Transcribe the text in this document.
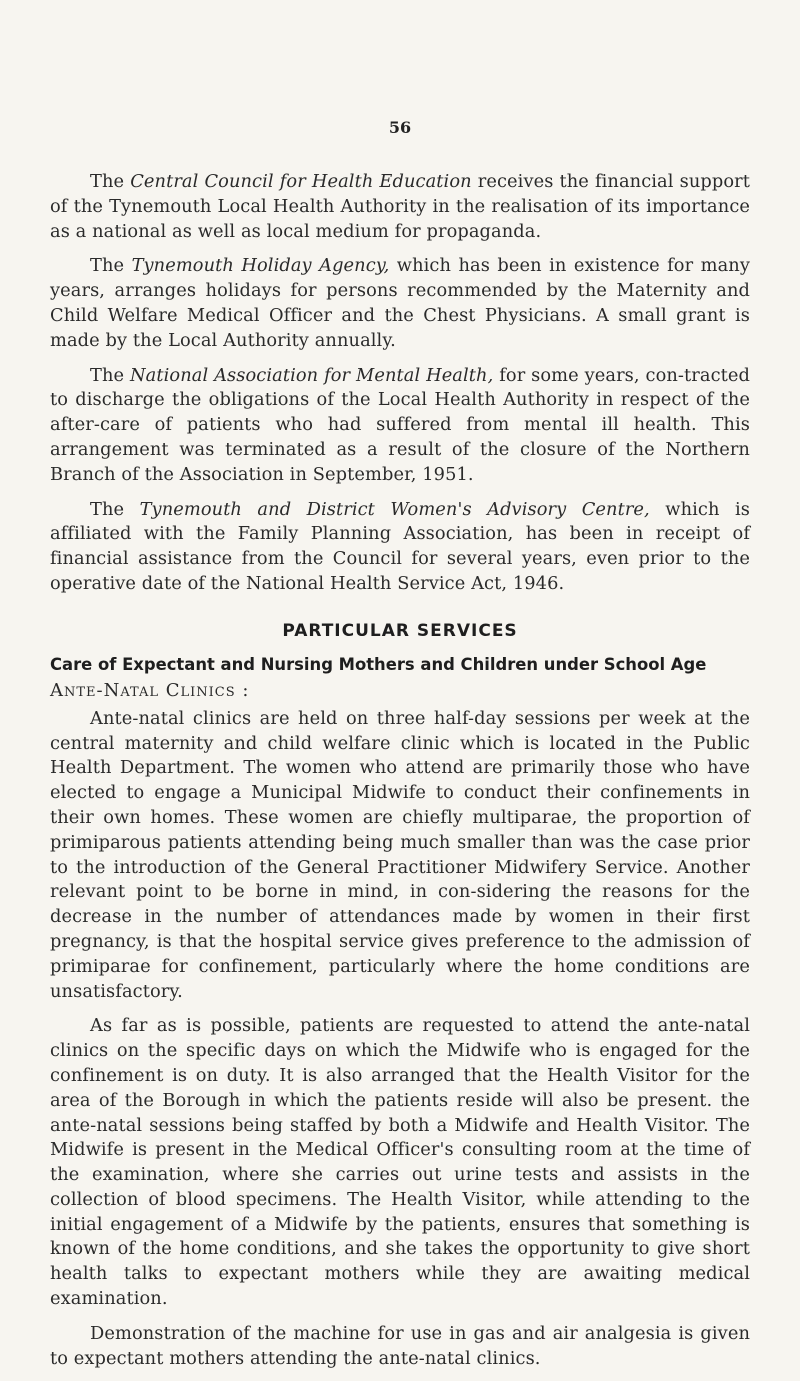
56

The Central Council for Health Education receives the financial support of the Tynemouth Local Health Authority in the realisation of its importance as a national as well as local medium for propaganda.

The Tynemouth Holiday Agency, which has been in existence for many years, arranges holidays for persons recommended by the Maternity and Child Welfare Medical Officer and the Chest Physicians. A small grant is made by the Local Authority annually.

The National Association for Mental Health, for some years, con-tracted to discharge the obligations of the Local Health Authority in respect of the after-care of patients who had suffered from mental ill health. This arrangement was terminated as a result of the closure of the Northern Branch of the Association in September, 1951.

The Tynemouth and District Women's Advisory Centre, which is affiliated with the Family Planning Association, has been in receipt of financial assistance from the Council for several years, even prior to the operative date of the National Health Service Act, 1946.

PARTICULAR SERVICES
Care of Expectant and Nursing Mothers and Children under School Age
Ante-Natal Clinics :

Ante-natal clinics are held on three half-day sessions per week at the central maternity and child welfare clinic which is located in the Public Health Department. The women who attend are primarily those who have elected to engage a Municipal Midwife to conduct their confinements in their own homes. These women are chiefly multiparae, the proportion of primiparous patients attending being much smaller than was the case prior to the introduction of the General Practitioner Midwifery Service. Another relevant point to be borne in mind, in con-sidering the reasons for the decrease in the number of attendances made by women in their first pregnancy, is that the hospital service gives preference to the admission of primiparae for confinement, particularly where the home conditions are unsatisfactory.

As far as is possible, patients are requested to attend the ante-natal clinics on the specific days on which the Midwife who is engaged for the confinement is on duty. It is also arranged that the Health Visitor for the area of the Borough in which the patients reside will also be present. the ante-natal sessions being staffed by both a Midwife and Health Visitor. The Midwife is present in the Medical Officer's consulting room at the time of the examination, where she carries out urine tests and assists in the collection of blood specimens. The Health Visitor, while attending to the initial engagement of a Midwife by the patients, ensures that something is known of the home conditions, and she takes the opportunity to give short health talks to expectant mothers while they are awaiting medical examination.

Demonstration of the machine for use in gas and air analgesia is given to expectant mothers attending the ante-natal clinics.
